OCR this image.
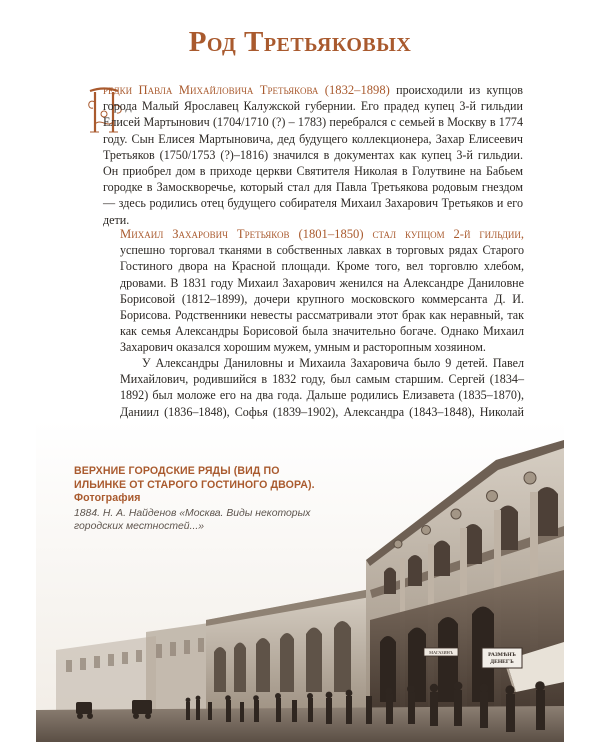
Род Третьяковых
редки Павла Михайловича Третьякова (1832–1898) происходили из купцов города Малый Ярославец Калужской губернии. Его прадед купец 3-й гильдии Елисей Мартынович (1704/1710 (?) – 1783) перебрался с семьей в Москву в 1774 году. Сын Елисея Мартыновича, дед будущего коллекционера, Захар Елисеевич Третьяков (1750/1753 (?)–1816) значился в документах как купец 3-й гильдии. Он приобрел дом в приходе церкви Святителя Николая в Голутвине на Бабьем городке в Замоскворечье, который стал для Павла Третьякова родовым гнездом — здесь родились отец будущего собирателя Михаил Захарович Третьяков и его дети.
Михаил Захарович Третьяков (1801–1850) стал купцом 2-й гильдии, успешно торговал тканями в собственных лавках в торговых рядах Старого Гостиного двора на Красной площади. Кроме того, вел торговлю хлебом, дровами. В 1831 году Михаил Захарович женился на Александре Даниловне Борисовой (1812–1899), дочери крупного московского коммерсанта Д. И. Борисова. Родственники невесты рассматривали этот брак как неравный, так как семья Александры Борисовой была значительно богаче. Однако Михаил Захарович оказался хорошим мужем, умным и расторопным хозяином.
У Александры Даниловны и Михаила Захаровича было 9 детей. Павел Михайлович, родившийся в 1832 году, был самым старшим. Сергей (1834–1892) был моложе его на два года. Дальше родились Елизавета (1835–1870), Даниил (1836–1848), Софья (1839–1902), Александра (1843–1848), Николай
РАЗМѢНЪ ДЕНЕГЪ
МАГАЗИНЪ
ВЕРХНИЕ ГОРОДСКИЕ РЯДЫ (ВИД ПО ИЛЬИНКЕ ОТ СТАРОГО ГОСТИНОГО ДВОРА). Фотография
1884. Н. А. Найденов «Москва. Виды некоторых городских местностей...»
